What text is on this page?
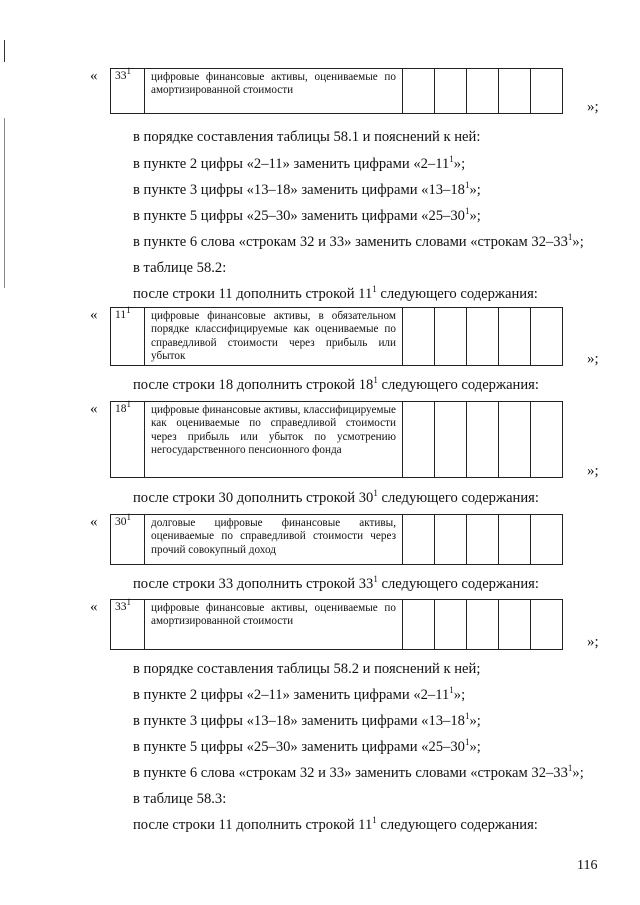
« $33^1$	цифровые финансовые активы, оцениваемые по амортизированной стоимости					
»;
в порядке составления таблицы 58.1 и пояснений к ней:
в пункте 2 цифры «2–11» заменить цифрами «$2-11^1$»;
в пункте 3 цифры «13–18» заменить цифрами «$13-18^1$»;
в пункте 5 цифры «25–30» заменить цифрами «$25-30^1$»;
в пункте 6 слова «строкам 32 и 33» заменить словами «строкам $32-33^1$»;
в таблице 58.2:
после строки 11 дополнить строкой $11^1$ следующего содержания:
« $11^1$	цифровые финансовые активы, в обязательном порядке классифицируемые как оцениваемые по справедливой стоимости через прибыль или убыток						»;
после строки 18 дополнить строкой $18^1$ следующего содержания:
« $18^1$	цифровые финансовые активы, классифицируемые как оцениваемые по справедливой стоимости через прибыль или убыток по усмотрению негосударственного пенсионного фонда					
»;
после строки 30 дополнить строкой $30^1$ следующего содержания:
« $30^1$	долговые цифровые финансовые активы, оцениваемые по справедливой стоимости через прочий совокупный доход					
после строки 33 дополнить строкой $33^1$ следующего содержания:
« $33^1$	цифровые финансовые активы, оцениваемые по амортизированной стоимости					
»;
в порядке составления таблицы 58.2 и пояснений к ней;
в пункте 2 цифры «2–11» заменить цифрами «$2-11^1$»;
в пункте 3 цифры «13–18» заменить цифрами «$13-18^1$»;
в пункте 5 цифры «25–30» заменить цифрами «$25-30^1$»;
в пункте 6 слова «строкам 32 и 33» заменить словами «строкам $32-33^1$»;
в таблице 58.3:
после строки 11 дополнить строкой $11^1$ следующего содержания:
116
